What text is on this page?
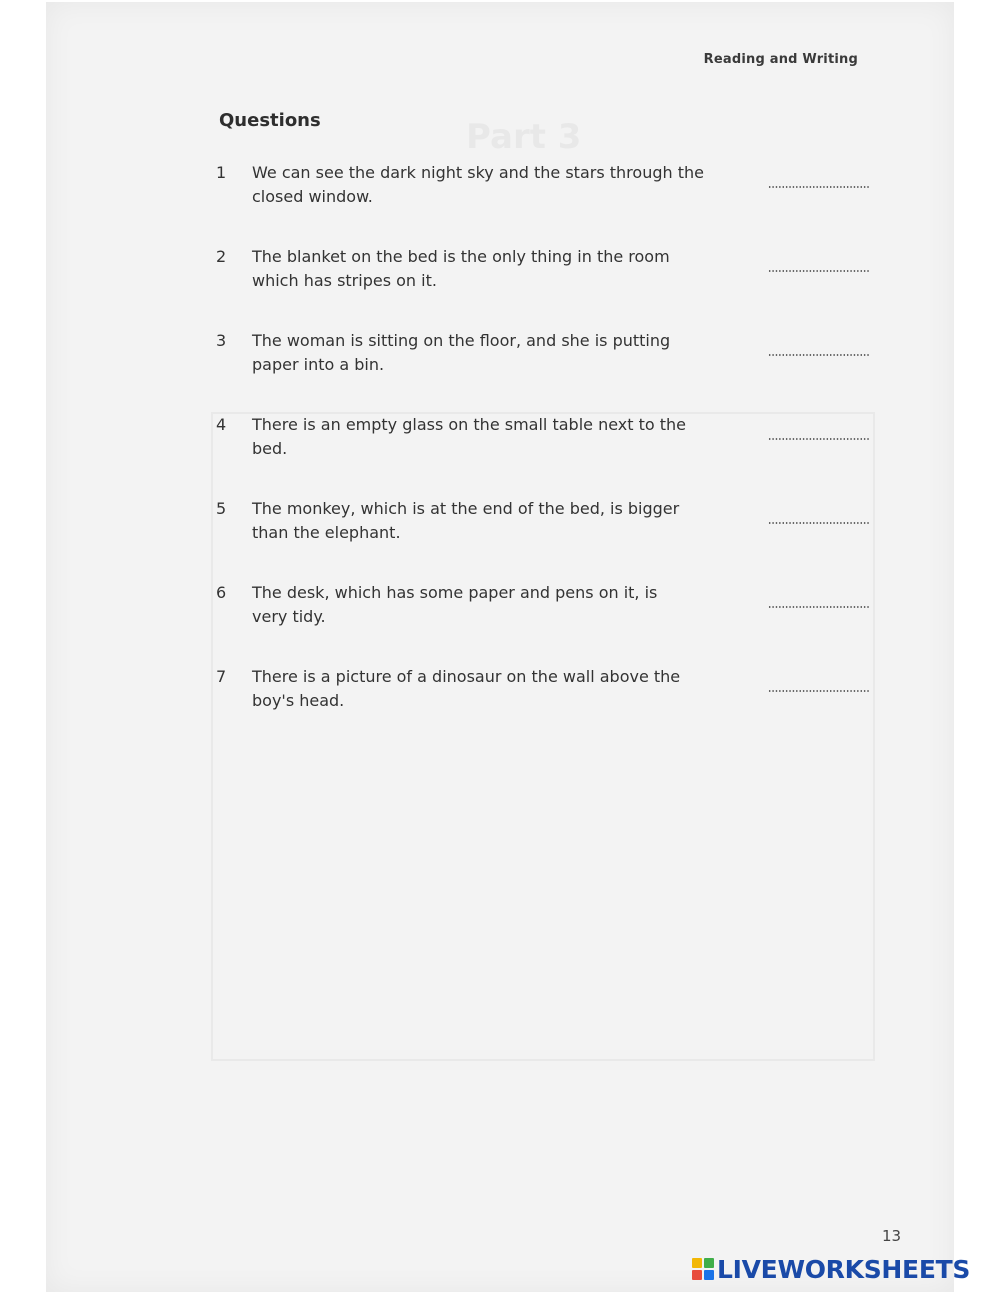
Reading and Writing
Questions
1	We can see the dark night sky and the stars through the
closed window.
2	The blanket on the bed is the only thing in the room
which has stripes on it.
3	The woman is sitting on the floor, and she is putting
paper into a bin.
4	There is an empty glass on the small table next to the
bed.
5	The monkey, which is at the end of the bed, is bigger
than the elephant.
6	The desk, which has some paper and pens on it, is
very tidy.
7	There is a picture of a dinosaur on the wall above the
boy's head.
13
LIVEWORKSHEETS
